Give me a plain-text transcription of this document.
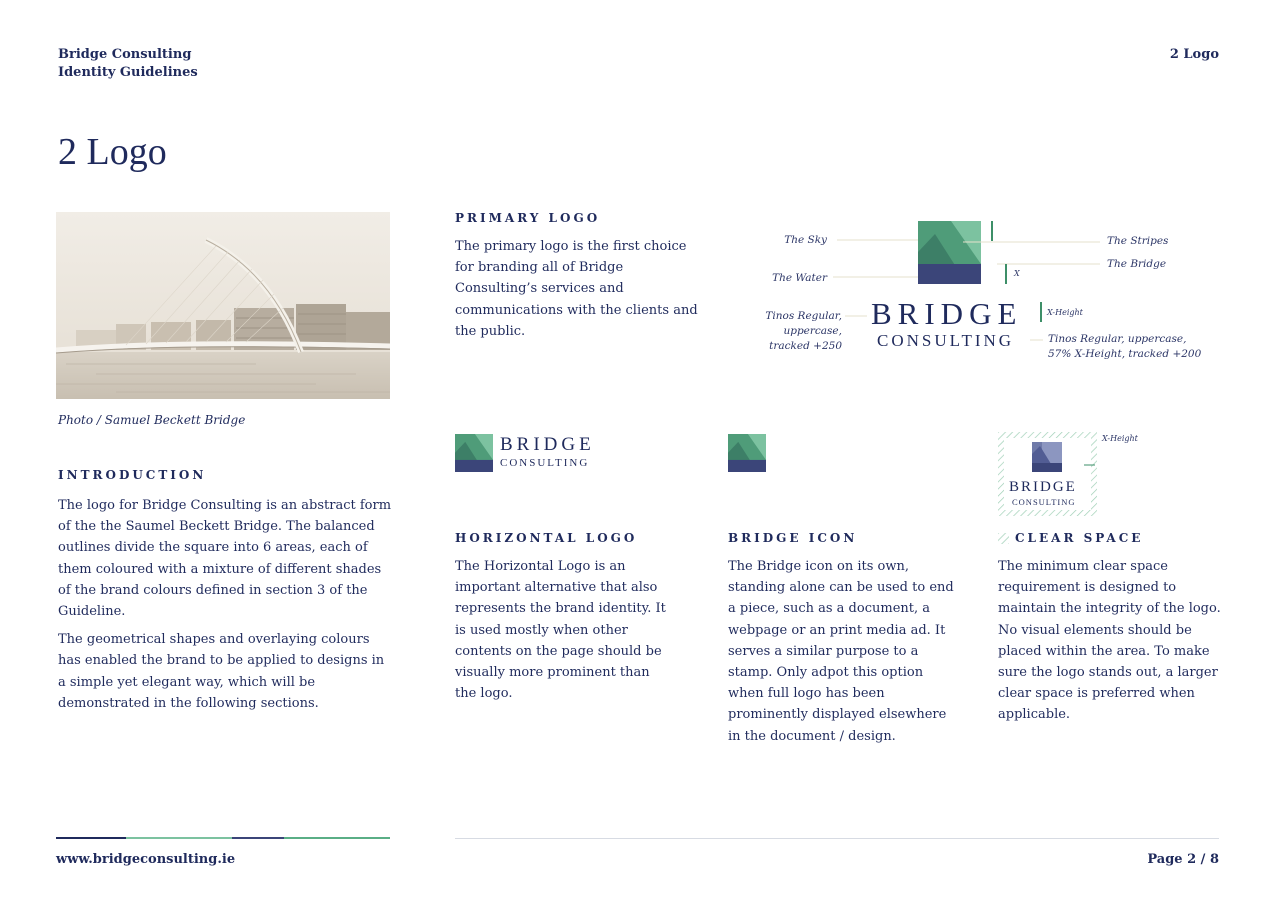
Bridge Consulting
Identity Guidelines
2 Logo
2 Logo
Photo / Samuel Beckett Bridge
INTRODUCTION

The logo for Bridge Consulting is an abstract form of the the Saumel Beckett Bridge. The balanced outlines divide the square into 6 areas, each of them coloured with a mixture of different shades of the brand colours defined in section 3 of the Guideline.

The geometrical shapes and overlaying colours has enabled the brand to be applied to designs in a simple yet elegant way, which will be demonstrated in the following sections.

PRIMARY LOGO

The primary logo is the first choice for branding all of Bridge Consulting’s services and communications with the clients and the public.

The Sky
The Water
The Stripes
The Bridge
X
X-Height
BRIDGE
CONSULTING
Tinos Regular, uppercase,
tracked +250
Tinos Regular, uppercase,
57% X-Height, tracked +200
BRIDGE
CONSULTING
HORIZONTAL LOGO

The Horizontal Logo is an important alternative that also represents the brand identity. It is used mostly when other contents on the page should be visually more prominent than the logo.

BRIDGE ICON

The Bridge icon on its own, standing alone can be used to end a piece, such as a document, a webpage or an print media ad. It serves a similar purpose to a stamp. Only adpot this option when full logo has been prominently displayed elsewhere in the document / design.

BRIDGE
CONSULTING
X-Height
CLEAR SPACE

The minimum clear space requirement is designed to maintain the integrity of the logo. No visual elements should be placed within the area. To make sure the logo stands out, a larger clear space is preferred when applicable.

www.bridgeconsulting.ie	Page 2 / 8
